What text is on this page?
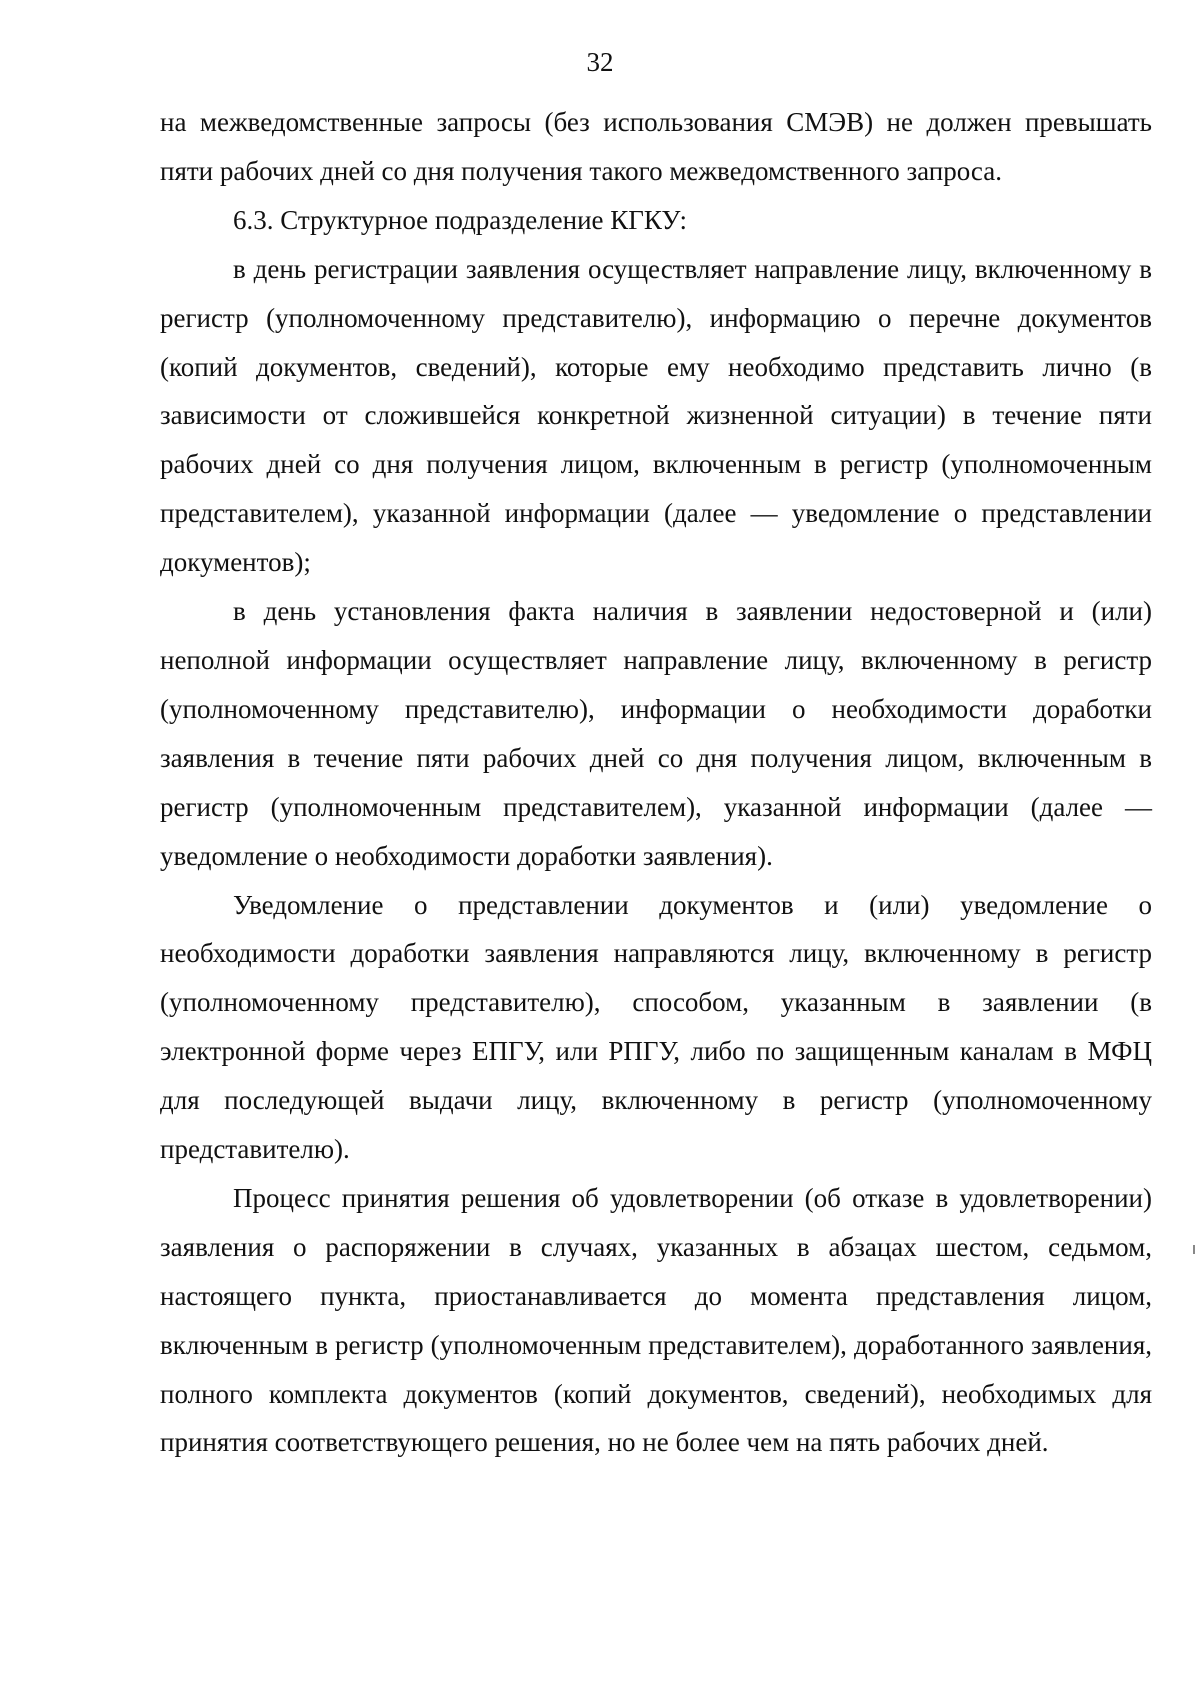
32

на межведомственные запросы (без использования СМЭВ) не должен превышать пяти рабочих дней со дня получения такого межведомственного запроса.

6.3. Структурное подразделение КГКУ:

в день регистрации заявления осуществляет направление лицу, включенному в регистр (уполномоченному представителю), информацию о перечне документов (копий документов, сведений), которые ему необходимо представить лично (в зависимости от сложившейся конкретной жизненной ситуации) в течение пяти рабочих дней со дня получения лицом, включенным в регистр (уполномоченным представителем), указанной информации (далее — уведомление о представлении документов);

в день установления факта наличия в заявлении недостоверной и (или) неполной информации осуществляет направление лицу, включенному в регистр (уполномоченному представителю), информации о необходимости доработки заявления в течение пяти рабочих дней со дня получения лицом, включенным в регистр (уполномоченным представителем), указанной информации (далее — уведомление о необходимости доработки заявления).

Уведомление о представлении документов и (или) уведомление о необходимости доработки заявления направляются лицу, включенному в регистр (уполномоченному представителю), способом, указанным в заявлении (в электронной форме через ЕПГУ, или РПГУ, либо по защищенным каналам в МФЦ для последующей выдачи лицу, включенному в регистр (уполномоченному представителю).

Процесс принятия решения об удовлетворении (об отказе в удовлетворении) заявления о распоряжении в случаях, указанных в абзацах шестом, седьмом, настоящего пункта, приостанавливается до момента представления лицом, включенным в регистр (уполномоченным представителем), доработанного заявления, полного комплекта документов (копий документов, сведений), необходимых для принятия соответствующего решения, но не более чем на пять рабочих дней.
